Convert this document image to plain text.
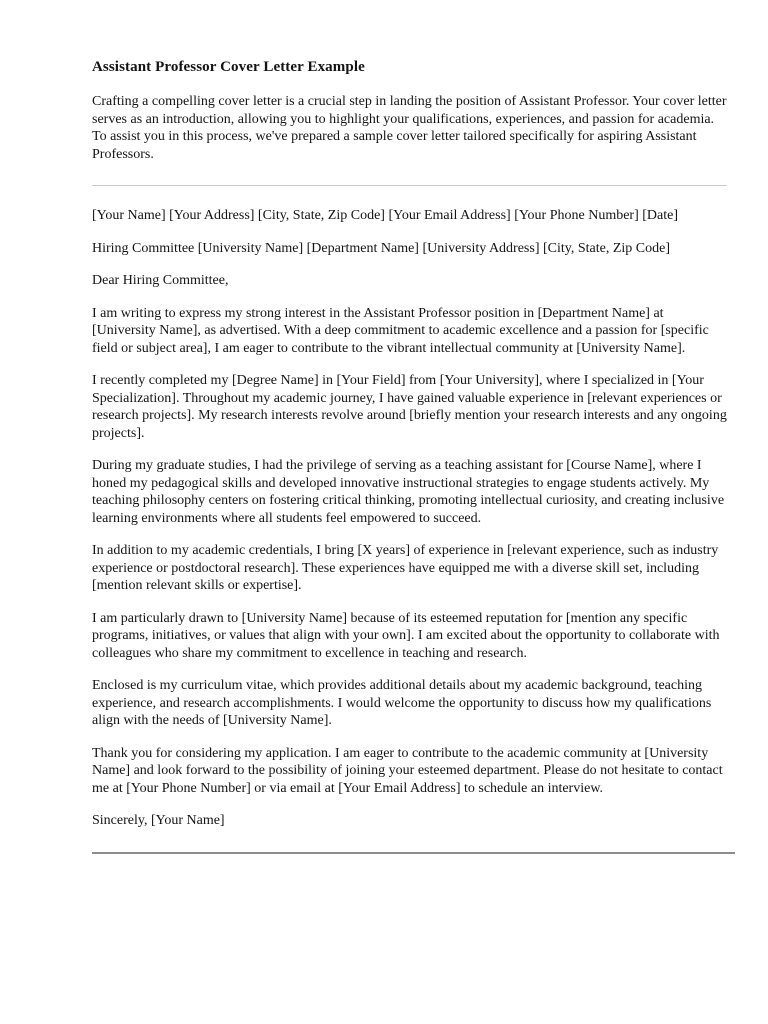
Assistant Professor Cover Letter Example

Crafting a compelling cover letter is a crucial step in landing the position of Assistant Professor. Your cover letter serves as an introduction, allowing you to highlight your qualifications, experiences, and passion for academia. To assist you in this process, we've prepared a sample cover letter tailored specifically for aspiring Assistant Professors.

[Your Name] [Your Address] [City, State, Zip Code] [Your Email Address] [Your Phone Number] [Date]

Hiring Committee [University Name] [Department Name] [University Address] [City, State, Zip Code]

Dear Hiring Committee,

I am writing to express my strong interest in the Assistant Professor position in [Department Name] at [University Name], as advertised. With a deep commitment to academic excellence and a passion for [specific field or subject area], I am eager to contribute to the vibrant intellectual community at [University Name].

I recently completed my [Degree Name] in [Your Field] from [Your University], where I specialized in [Your Specialization]. Throughout my academic journey, I have gained valuable experience in [relevant experiences or research projects]. My research interests revolve around [briefly mention your research interests and any ongoing projects].

During my graduate studies, I had the privilege of serving as a teaching assistant for [Course Name], where I honed my pedagogical skills and developed innovative instructional strategies to engage students actively. My teaching philosophy centers on fostering critical thinking, promoting intellectual curiosity, and creating inclusive learning environments where all students feel empowered to succeed.

In addition to my academic credentials, I bring [X years] of experience in [relevant experience, such as industry experience or postdoctoral research]. These experiences have equipped me with a diverse skill set, including [mention relevant skills or expertise].

I am particularly drawn to [University Name] because of its esteemed reputation for [mention any specific programs, initiatives, or values that align with your own]. I am excited about the opportunity to collaborate with colleagues who share my commitment to excellence in teaching and research.

Enclosed is my curriculum vitae, which provides additional details about my academic background, teaching experience, and research accomplishments. I would welcome the opportunity to discuss how my qualifications align with the needs of [University Name].

Thank you for considering my application. I am eager to contribute to the academic community at [University Name] and look forward to the possibility of joining your esteemed department. Please do not hesitate to contact me at [Your Phone Number] or via email at [Your Email Address] to schedule an interview.

Sincerely, [Your Name]
